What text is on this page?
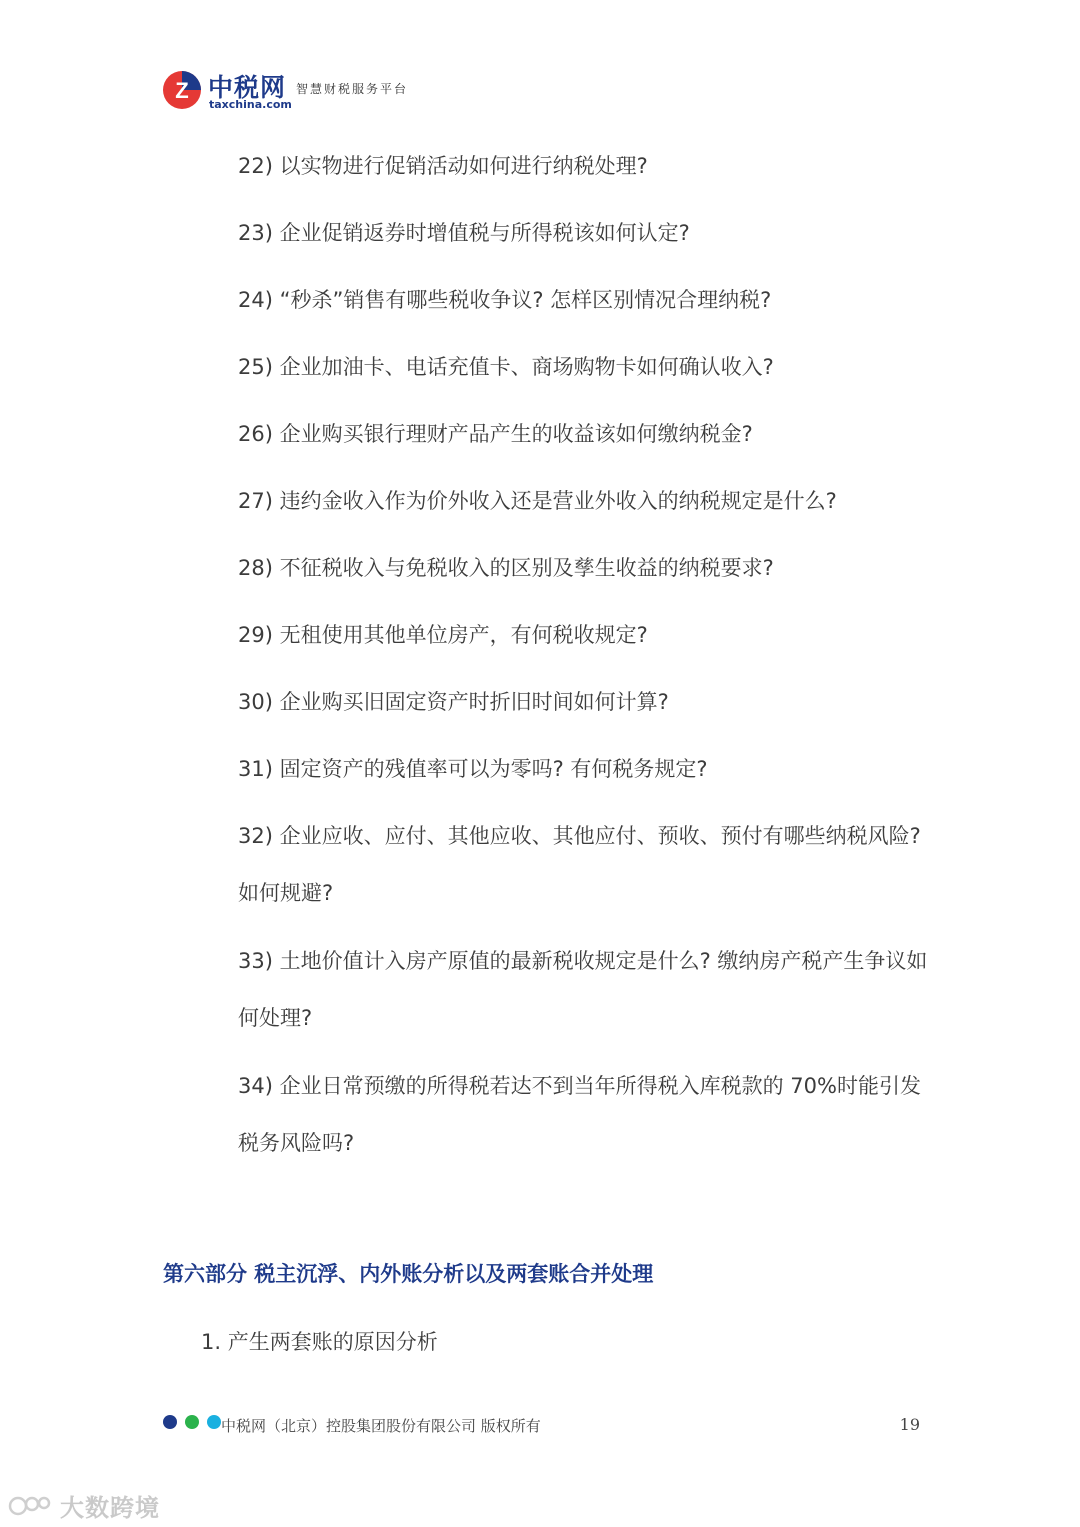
Z 中税网
taxchina.com
智慧财税服务平台

22) 以实物进行促销活动如何进行纳税处理?

23) 企业促销返券时增值税与所得税该如何认定?

24) “秒杀”销售有哪些税收争议? 怎样区别情况合理纳税?

25) 企业加油卡、电话充值卡、商场购物卡如何确认收入?

26) 企业购买银行理财产品产生的收益该如何缴纳税金?

27) 违约金收入作为价外收入还是营业外收入的纳税规定是什么?

28) 不征税收入与免税收入的区别及孳生收益的纳税要求?

29) 无租使用其他单位房产，有何税收规定?

30) 企业购买旧固定资产时折旧时间如何计算?

31) 固定资产的残值率可以为零吗? 有何税务规定?

32) 企业应收、应付、其他应收、其他应付、预收、预付有哪些纳税风险? 如何规避?

33) 土地价值计入房产原值的最新税收规定是什么? 缴纳房产税产生争议如何处理?

34) 企业日常预缴的所得税若达不到当年所得税入库税款的 70%时能引发税务风险吗?

第六部分 税主沉浮、内外账分析以及两套账合并处理
1. 产生两套账的原因分析
中税网（北京）控股集团股份有限公司 版权所有	19
大数跨境
